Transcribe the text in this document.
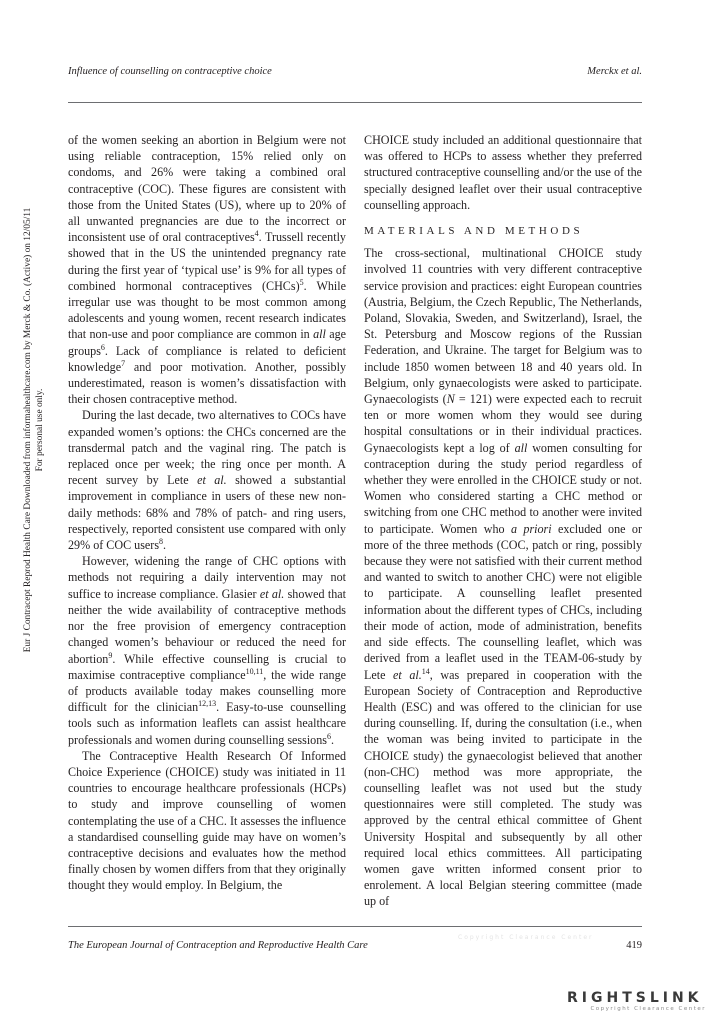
Eur J Contracept Reprod Health Care Downloaded from informahealthcare.com by Merck & Co. (Active) on 12/05/11 For personal use only.
Influence of counselling on contraceptive choice	Merckx et al.

of the women seeking an abortion in Belgium were not using reliable contraception, 15% relied only on condoms, and 26% were taking a combined oral contraceptive (COC). These figures are consistent with those from the United States (US), where up to 20% of all unwanted pregnancies are due to the incorrect or inconsistent use of oral contraceptives$^4$. Trussell recently showed that in the US the unintended pregnancy rate during the first year of ‘typical use’ is 9% for all types of combined hormonal contraceptives (CHCs)$^5$. While irregular use was thought to be most common among adolescents and young women, recent research indicates that non-use and poor compliance are common in all age groups$^6$. Lack of compliance is related to deficient knowledge$^7$ and poor motivation. Another, possibly underestimated, reason is women’s dissatisfaction with their chosen contraceptive method.

During the last decade, two alternatives to COCs have expanded women’s options: the CHCs concerned are the transdermal patch and the vaginal ring. The patch is replaced once per week; the ring once per month. A recent survey by Lete et al. showed a substantial improvement in compliance in users of these new non-daily methods: 68% and 78% of patch- and ring users, respectively, reported consistent use compared with only 29% of COC users$^8$.

However, widening the range of CHC options with methods not requiring a daily intervention may not suffice to increase compliance. Glasier et al. showed that neither the wide availability of contraceptive methods nor the free provision of emergency contraception changed women’s behaviour or reduced the need for abortion$^9$. While effective counselling is crucial to maximise contraceptive compliance$^{10,11}$, the wide range of products available today makes counselling more difficult for the clinician$^{12,13}$. Easy-to-use counselling tools such as information leaflets can assist healthcare professionals and women during counselling sessions$^6$.

The Contraceptive Health Research Of Informed Choice Experience (CHOICE) study was initiated in 11 countries to encourage healthcare professionals (HCPs) to study and improve counselling of women contemplating the use of a CHC. It assesses the influence a standardised counselling guide may have on women’s contraceptive decisions and evaluates how the method finally chosen by women differs from that they originally thought they would employ. In Belgium, the

CHOICE study included an additional questionnaire that was offered to HCPs to assess whether they preferred structured contraceptive counselling and/or the use of the specially designed leaflet over their usual contraceptive counselling approach.

MATERIALS AND METHODS

The cross-sectional, multinational CHOICE study involved 11 countries with very different contraceptive service provision and practices: eight European countries (Austria, Belgium, the Czech Republic, The Netherlands, Poland, Slovakia, Sweden, and Switzerland), Israel, the St. Petersburg and Moscow regions of the Russian Federation, and Ukraine. The target for Belgium was to include 1850 women between 18 and 40 years old. In Belgium, only gynaecologists were asked to participate. Gynaecologists (N = 121) were expected each to recruit ten or more women whom they would see during hospital consultations or in their individual practices. Gynaecologists kept a log of all women consulting for contraception during the study period regardless of whether they were enrolled in the CHOICE study or not. Women who considered starting a CHC method or switching from one CHC method to another were invited to participate. Women who a priori excluded one or more of the three methods (COC, patch or ring, possibly because they were not satisfied with their current method and wanted to switch to another CHC) were not eligible to participate. A counselling leaflet presented information about the different types of CHCs, including their mode of action, mode of administration, benefits and side effects. The counselling leaflet, which was derived from a leaflet used in the TEAM-06-study by Lete et al.$^{14}$, was prepared in cooperation with the European Society of Contraception and Reproductive Health (ESC) and was offered to the clinician for use during counselling. If, during the consultation (i.e., when the woman was being invited to participate in the CHOICE study) the gynaecologist believed that another (non-CHC) method was more appropriate, the counselling leaflet was not used but the study questionnaires were still completed. The study was approved by the central ethical committee of Ghent University Hospital and subsequently by all other required local ethics committees. All participating women gave written informed consent prior to enrolement. A local Belgian steering committee (made up of

Copyright Clearance Center
The European Journal of Contraception and Reproductive Health Care	419
RIGHTSLINK
Copyright Clearance Center
